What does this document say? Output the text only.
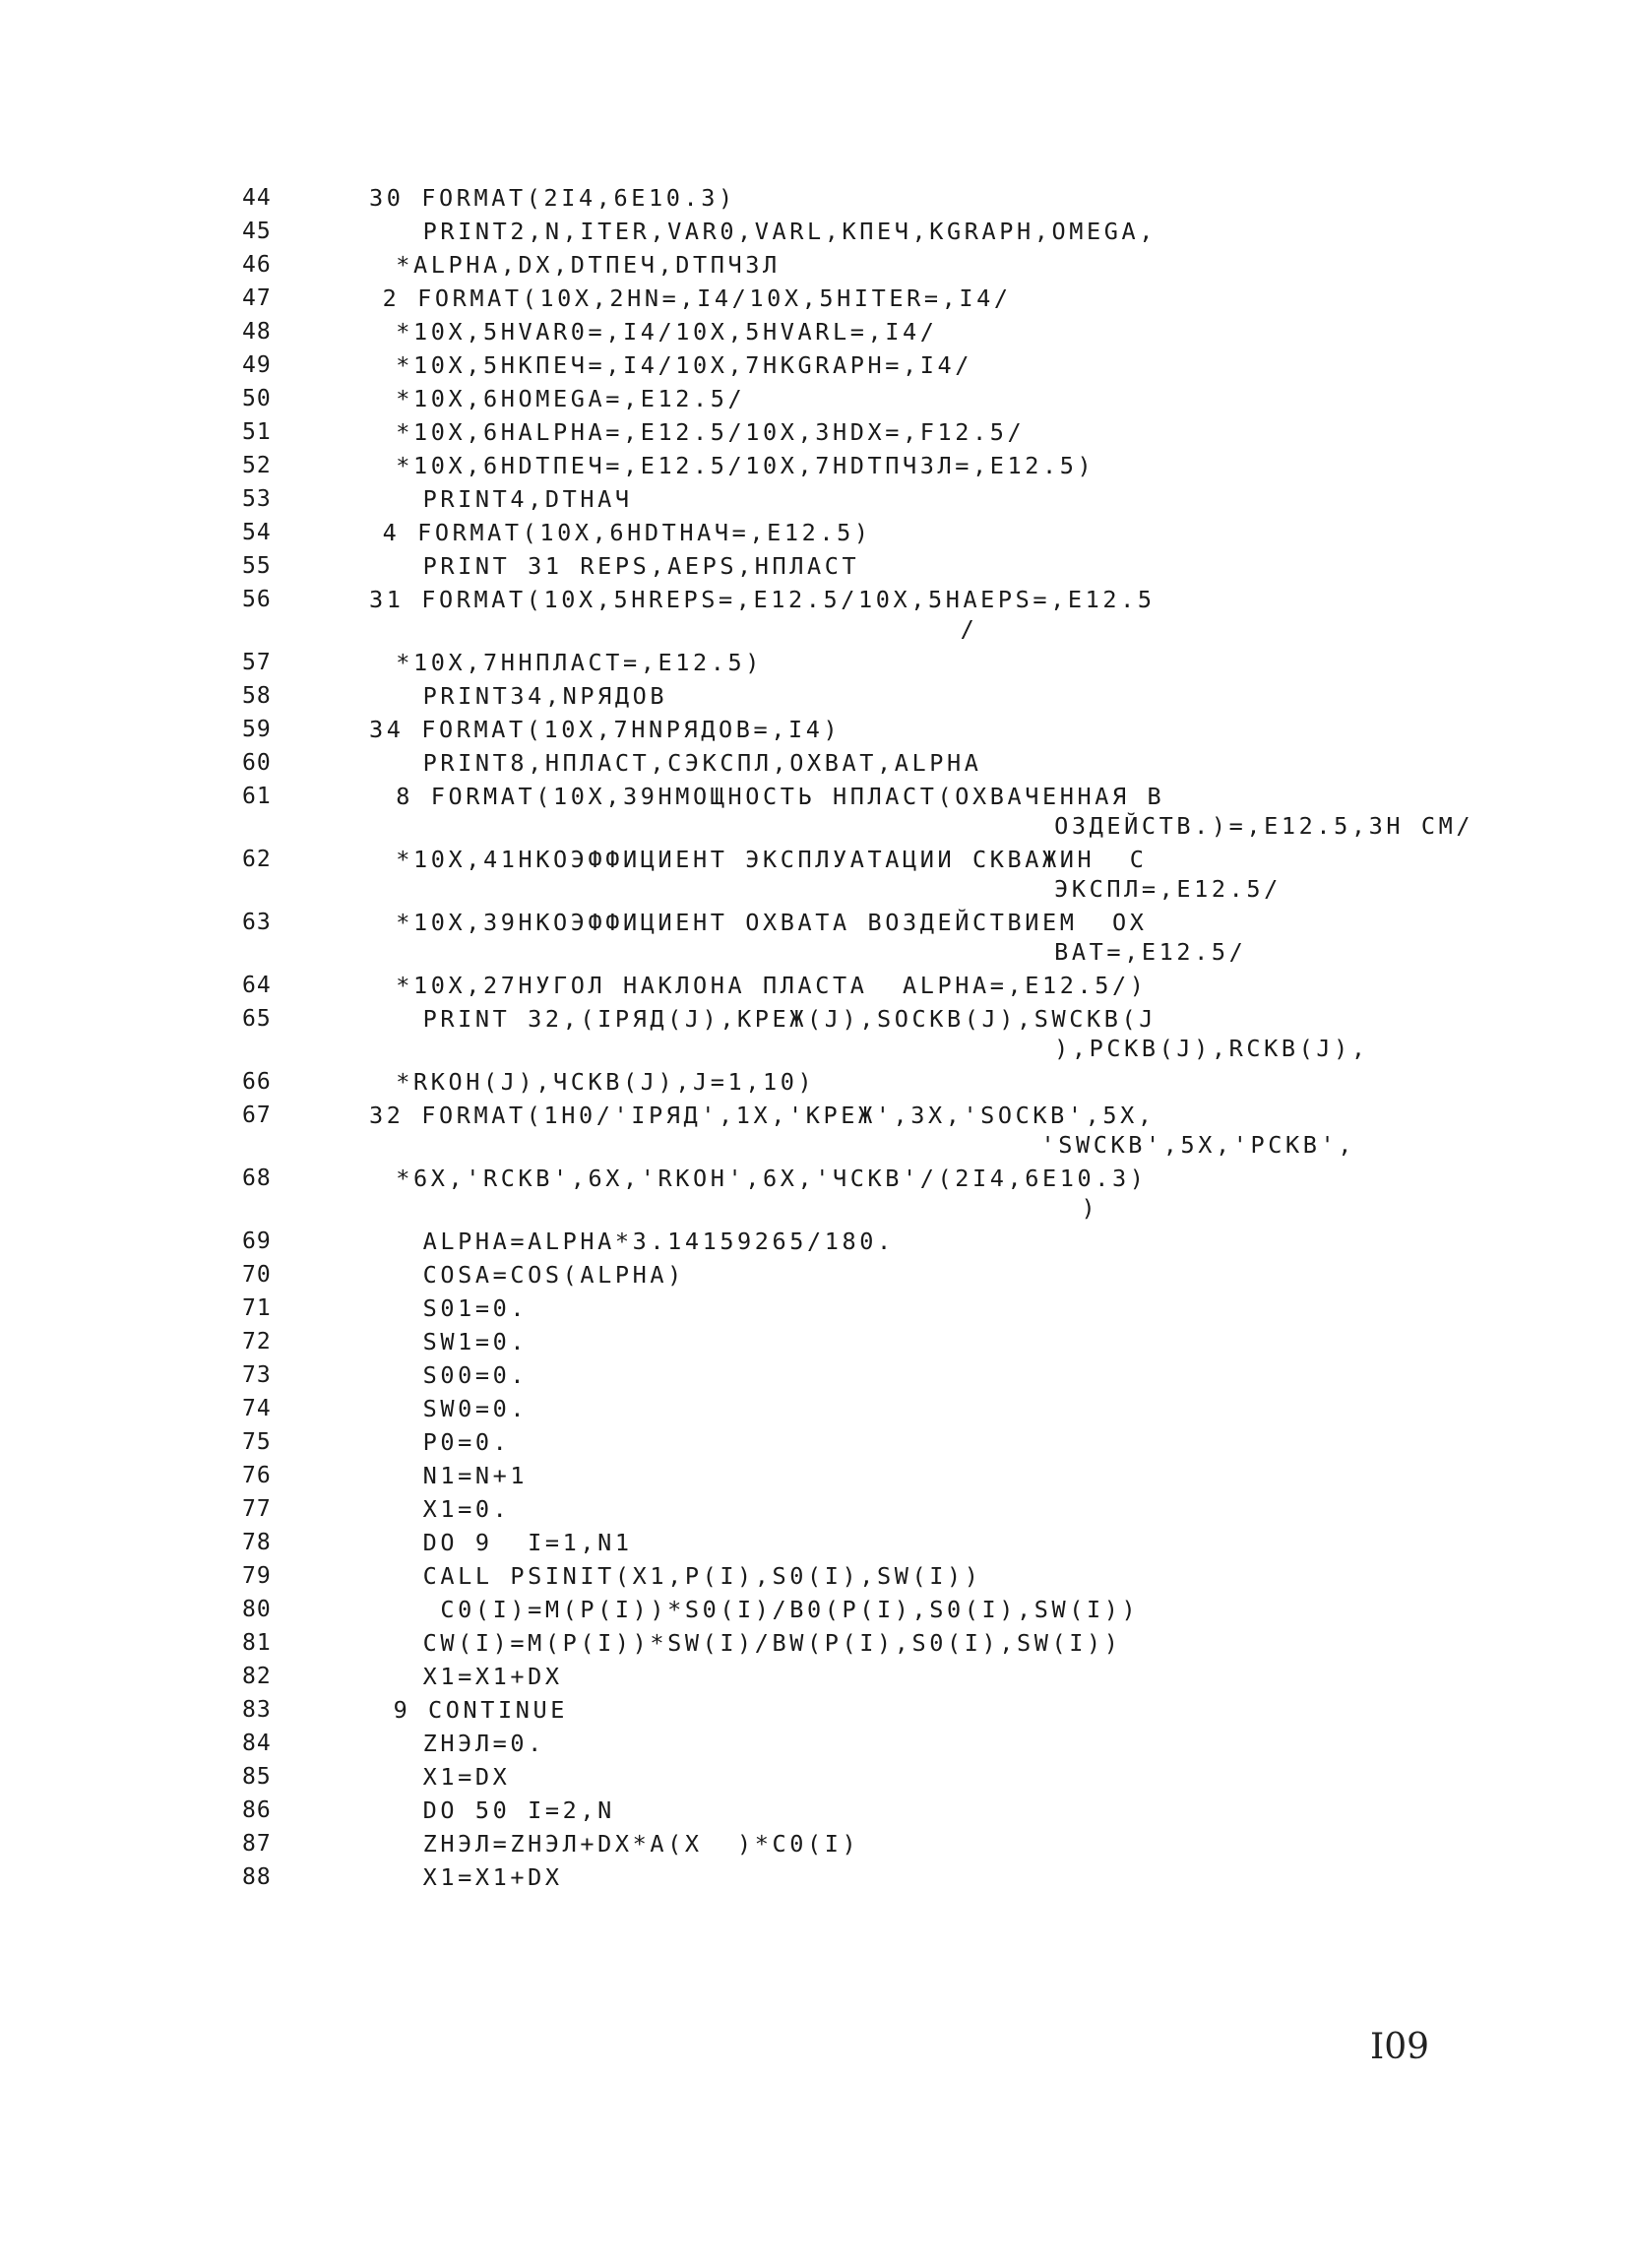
44	30 FORMAT(2I4,6E10.3)
45	PRINT2,N,ITER,VAR0,VARL,KПЕЧ,KGRAPH,OMEGA,
46	*ALPHA,DX,DTПЕЧ,DTПЧЗЛ
47	2 FORMAT(10X,2HN=,I4/10X,5HITER=,I4/
48	*10X,5HVAR0=,I4/10X,5HVARL=,I4/
49	*10X,5HKПЕЧ=,I4/10X,7HKGRAPH=,I4/
50	*10X,6HOMEGA=,E12.5/
51	*10X,6HALPHA=,E12.5/10X,3HDX=,F12.5/
52	*10X,6HDTПЕЧ=,E12.5/10X,7HDTПЧЗЛ=,E12.5)
53	PRINT4,DTНАЧ
54	4 FORMAT(10X,6HDTНАЧ=,E12.5)
55	PRINT 31 REPS,AEPS,НПЛАСТ
56	31 FORMAT(10X,5HREPS=,E12.5/10X,5HAEPS=,E12.5
/
57	*10X,7HНПЛАСТ=,E12.5)
58	PRINT34,NРЯДОВ
59	34 FORMAT(10X,7HNРЯДОВ=,I4)
60	PRINT8,НПЛАСТ,СЭКСПЛ,ОХВАТ,ALPHA
61	8 FORMAT(10X,39HМОЩНОСТЬ НПЛАСТ(ОХВАЧЕННАЯ В
ОЗДЕЙСТВ.)=,E12.5,3H СМ/
62	*10X,41HКОЭФФИЦИЕНТ ЭКСПЛУАТАЦИИ СКВАЖИН  С
ЭКСПЛ=,E12.5/
63	*10X,39HКОЭФФИЦИЕНТ ОХВАТА ВОЗДЕЙСТВИЕМ  ОХ
ВАТ=,E12.5/
64	*10X,27HУГОЛ НАКЛОНА ПЛАСТА  ALPHA=,E12.5/)
65	PRINT 32,(IРЯД(J),KРЕЖ(J),SOCKB(J),SWCKB(J
),PCKB(J),RCKB(J),
66	*RКОН(J),ЧСКВ(J),J=1,10)
67	32 FORMAT(1H0/'IРЯД',1X,'KРЕЖ',3X,'SOCKB',5X,
'SWCKB',5X,'PCKB',
68	*6X,'RCKB',6X,'RКОН',6X,'ЧСКВ'/(2I4,6E10.3)
)
69	ALPHA=ALPHA*3.14159265/180.
70	COSA=COS(ALPHA)
71	S01=0.
72	SW1=0.
73	S00=0.
74	SW0=0.
75	P0=0.
76	N1=N+1
77	X1=0.
78	DO 9  I=1,N1
79	CALL PSINIT(X1,P(I),S0(I),SW(I))
80	C0(I)=M(P(I))*S0(I)/B0(P(I),S0(I),SW(I))
81	CW(I)=M(P(I))*SW(I)/BW(P(I),S0(I),SW(I))
82	X1=X1+DX
83	9 CONTINUE
84	ZНЭЛ=0.
85	X1=DX
86	DO 50 I=2,N
87	ZНЭЛ=ZНЭЛ+DX*A(X  )*C0(I)
88	X1=X1+DX
I09
